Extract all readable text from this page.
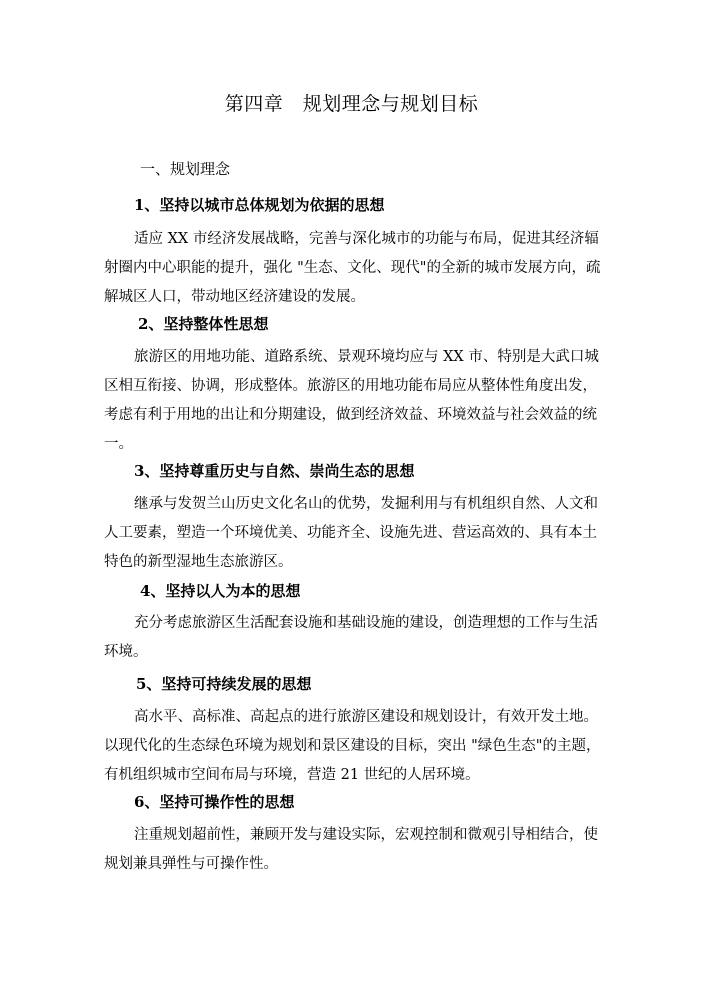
第四章　规划理念与规划目标
一、规划理念
1、坚持以城市总体规划为依据的思想
适应 XX 市经济发展战略，完善与深化城市的功能与布局，促进其经济辐
射圈内中心职能的提升，强化 "生态、文化、现代"的全新的城市发展方向，疏
解城区人口，带动地区经济建设的发展。
2、坚持整体性思想
旅游区的用地功能、道路系统、景观环境均应与 XX 市、特别是大武口城
区相互衔接、协调，形成整体。旅游区的用地功能布局应从整体性角度出发，
考虑有利于用地的出让和分期建设，做到经济效益、环境效益与社会效益的统
一。
3、坚持尊重历史与自然、崇尚生态的思想
继承与发贺兰山历史文化名山的优势，发掘利用与有机组织自然、人文和
人工要素，塑造一个环境优美、功能齐全、设施先进、营运高效的、具有本土
特色的新型湿地生态旅游区。
4、坚持以人为本的思想
充分考虑旅游区生活配套设施和基础设施的建设，创造理想的工作与生活
环境。
5、坚持可持续发展的思想
高水平、高标准、高起点的进行旅游区建设和规划设计，有效开发土地。
以现代化的生态绿色环境为规划和景区建设的目标，突出 "绿色生态"的主题，
有机组织城市空间布局与环境，营造 21 世纪的人居环境。
6、坚持可操作性的思想
注重规划超前性，兼顾开发与建设实际，宏观控制和微观引导相结合，使
规划兼具弹性与可操作性。
